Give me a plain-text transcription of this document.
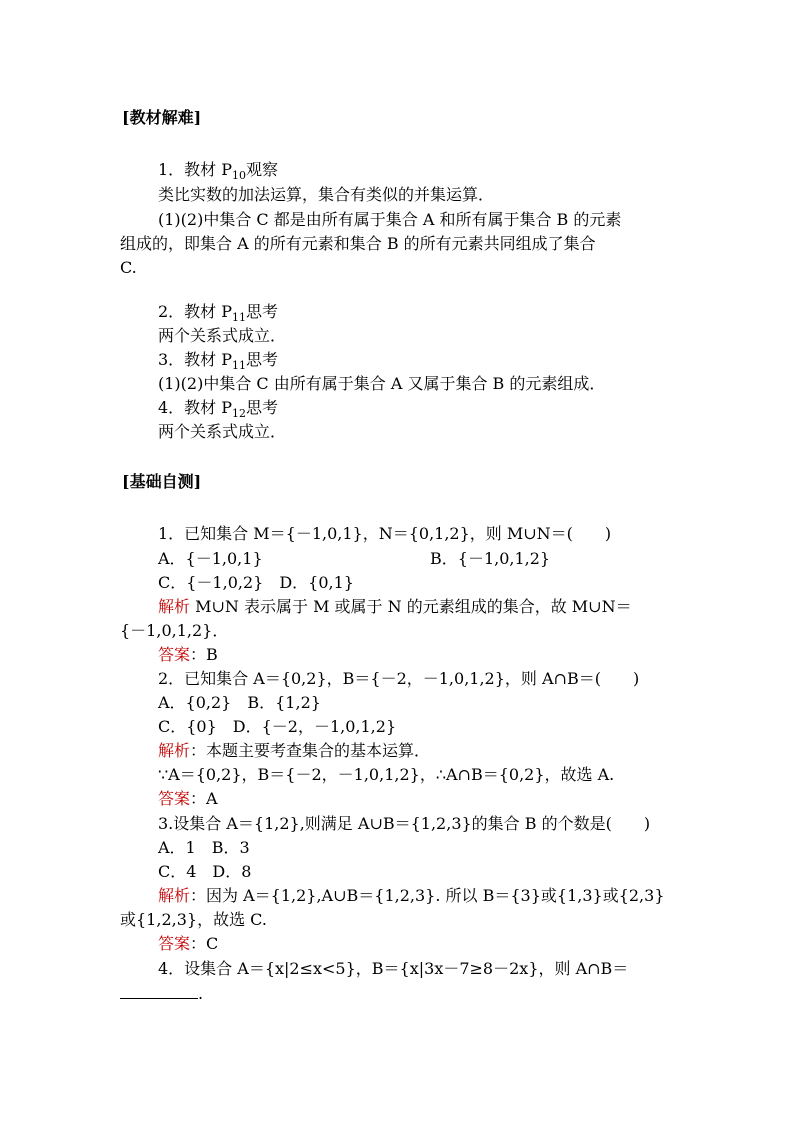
[教材解难]
1．教材 $P_{10}$观察
类比实数的加法运算，集合有类似的并集运算．
(1)(2)中集合 C 都是由所有属于集合 A 和所有属于集合 B 的元素
组成的，即集合 A 的所有元素和集合 B 的所有元素共同组成了集合
C.
2．教材 $P_{11}$思考
两个关系式成立．
3．教材 $P_{11}$思考
(1)(2)中集合 C 由所有属于集合 A 又属于集合 B 的元素组成．
4．教材 $P_{12}$思考
两个关系式成立．
[基础自测]
1．已知集合 M＝{－1,0,1}，N＝{0,1,2}，则 M∪N＝(　　)
A．{－1,0,1}	B．{－1,0,1,2}
C．{－1,0,2}　D．{0,1}
解析 M∪N 表示属于 M 或属于 N 的元素组成的集合，故 M∪N＝
{－1,0,1,2}．
答案：B
2．已知集合 A＝{0,2}，B＝{－2，－1,0,1,2}，则 A∩B＝(　　)
A．{0,2}　B．{1,2}
C．{0}　D．{－2，－1,0,1,2}
解析：本题主要考查集合的基本运算．
∵A＝{0,2}，B＝{－2，－1,0,1,2}，∴A∩B＝{0,2}，故选 A.
答案：A
3.设集合 A＝{1,2},则满足 A∪B＝{1,2,3}的集合 B 的个数是(　　)
A．1　B．3
C．4　D．8
解析：因为 A＝{1,2},A∪B＝{1,2,3}. 所以 B＝{3}或{1,3}或{2,3}
或{1,2,3}，故选 C.
答案：C
4．设集合 A＝{x|2≤x<5}，B＝{x|3x－7≥8－2x}，则 A∩B＝
.
